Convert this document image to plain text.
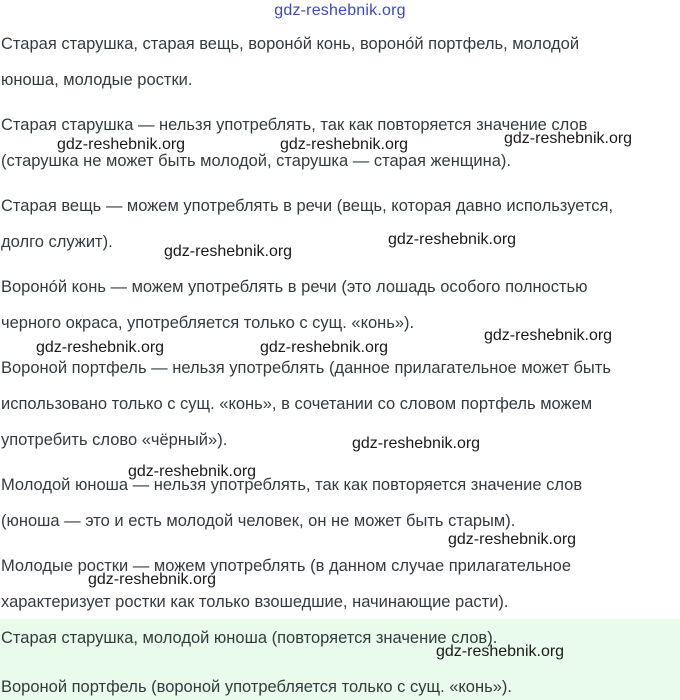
gdz-reshebnik.org
Старая старушка, старая вещь, воронóй конь, вороно́й портфель, молодой
юноша, молодые ростки.
Старая старушка — нельзя употреблять, так как повторяется значение слов
(старушка не может быть молодой, старушка — старая женщина).
Старая вещь — можем употреблять в речи (вещь, которая давно используется,
долго служит).
Воронóй конь — можем употреблять в речи (это лошадь особого полностью
черного окраса, употребляется только с сущ. «конь»).
Вороной портфель — нельзя употреблять (данное прилагательное может быть
использовано только с сущ. «конь», в сочетании со словом портфель можем
употребить слово «чёрный»).
Молодой юноша — нельзя употреблять, так как повторяется значение слов
(юноша — это и есть молодой человек, он не может быть старым).
Молодые ростки — можем употреблять (в данном случае прилагательное
характеризует ростки как только взошедшие, начинающие расти).
Старая старушка, молодой юноша (повторяется значение слов).
Вороной портфель (вороной употребляется только с сущ. «конь»).
gdz-reshebnik.org
gdz-reshebnik.org	gdz-reshebnik.org
gdz-reshebnik.org
gdz-reshebnik.org
gdz-reshebnik.org
gdz-reshebnik.org	gdz-reshebnik.org
gdz-reshebnik.org
gdz-reshebnik.org
gdz-reshebnik.org
gdz-reshebnik.org
gdz-reshebnik.org
